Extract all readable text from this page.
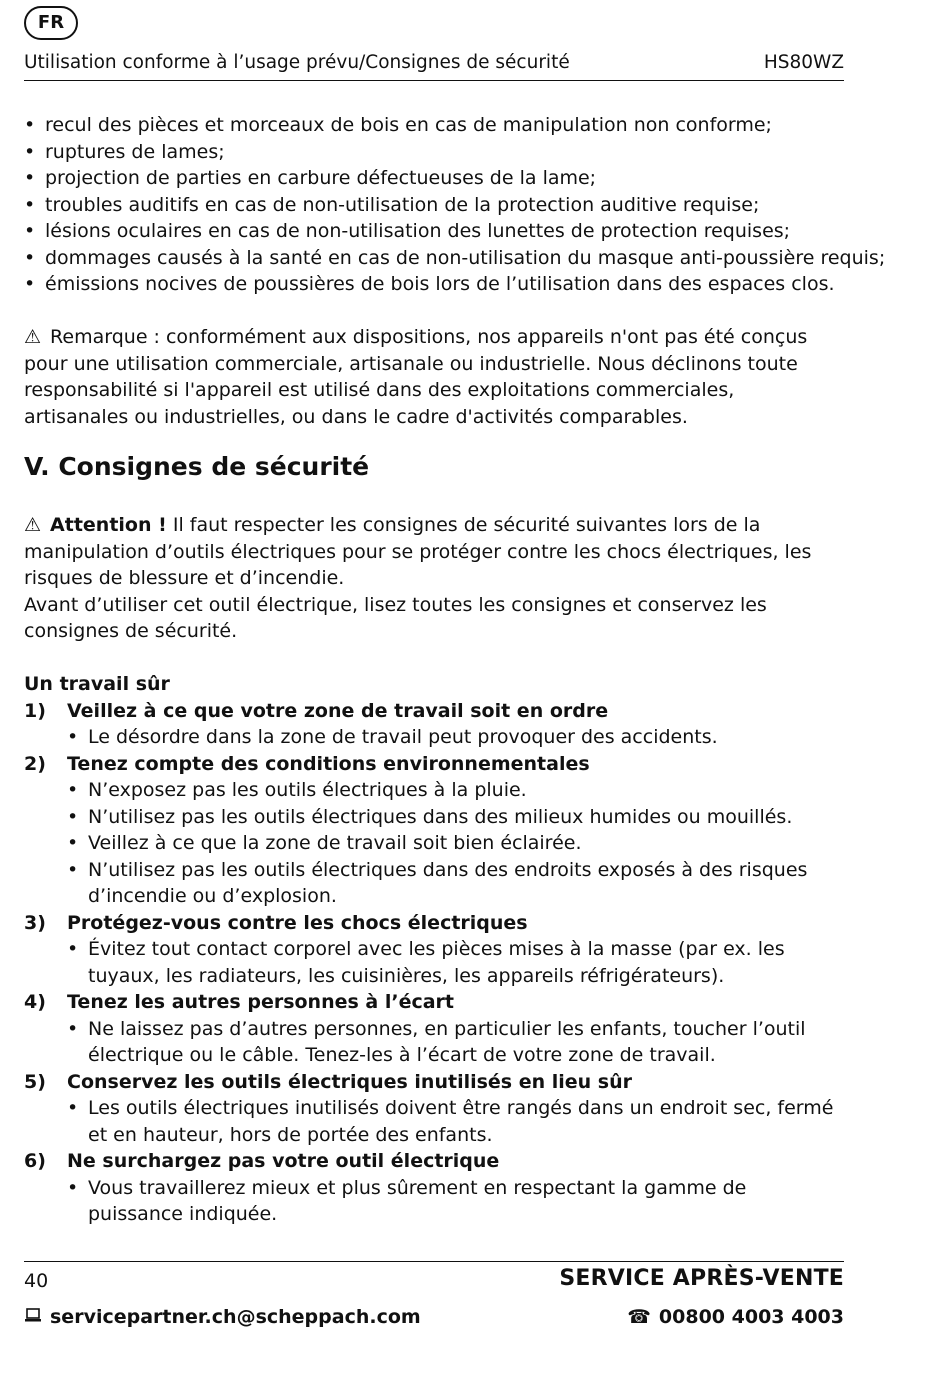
FR
Utilisation conforme à l’usage prévu/Consignes de sécurité	HS80WZ
• recul des pièces et morceaux de bois en cas de manipulation non conforme;
• ruptures de lames;
• projection de parties en carbure défectueuses de la lame;
• troubles auditifs en cas de non-utilisation de la protection auditive requise;
• lésions oculaires en cas de non-utilisation des lunettes de protection requises;
• dommages causés à la santé en cas de non-utilisation du masque anti-poussière requis;
• émissions nocives de poussières de bois lors de l’utilisation dans des espaces clos.

⚠ Remarque : conformément aux dispositions, nos appareils n'ont pas été conçus pour une utilisation commerciale, artisanale ou industrielle. Nous déclinons toute responsabilité si l'appareil est utilisé dans des exploitations commerciales, artisanales ou industrielles, ou dans le cadre d'activités comparables.

V. Consignes de sécurité

⚠ Attention ! Il faut respecter les consignes de sécurité suivantes lors de la manipulation d’outils électriques pour se protéger contre les chocs électriques, les risques de blessure et d’incendie.

Avant d’utiliser cet outil électrique, lisez toutes les consignes et conservez les consignes de sécurité.

Un travail sûr
1) Veillez à ce que votre zone de travail soit en ordre
• Le désordre dans la zone de travail peut provoquer des accidents.
2) Tenez compte des conditions environnementales
• N’exposez pas les outils électriques à la pluie.
• N’utilisez pas les outils électriques dans des milieux humides ou mouillés.
• Veillez à ce que la zone de travail soit bien éclairée.
• N’utilisez pas les outils électriques dans des endroits exposés à des risques d’incendie ou d’explosion.
3) Protégez-vous contre les chocs électriques
• Évitez tout contact corporel avec les pièces mises à la masse (par ex. les tuyaux, les radiateurs, les cuisinières, les appareils réfrigérateurs).
4) Tenez les autres personnes à l’écart
• Ne laissez pas d’autres personnes, en particulier les enfants, toucher l’outil électrique ou le câble. Tenez-les à l’écart de votre zone de travail.
5) Conservez les outils électriques inutilisés en lieu sûr
• Les outils électriques inutilisés doivent être rangés dans un endroit sec, fermé et en hauteur, hors de portée des enfants.
6) Ne surchargez pas votre outil électrique
• Vous travaillerez mieux et plus sûrement en respectant la gamme de puissance indiquée.
40	SERVICE APRÈS-VENTE
servicepartner.ch@scheppach.com	☎ 00800 4003 4003
